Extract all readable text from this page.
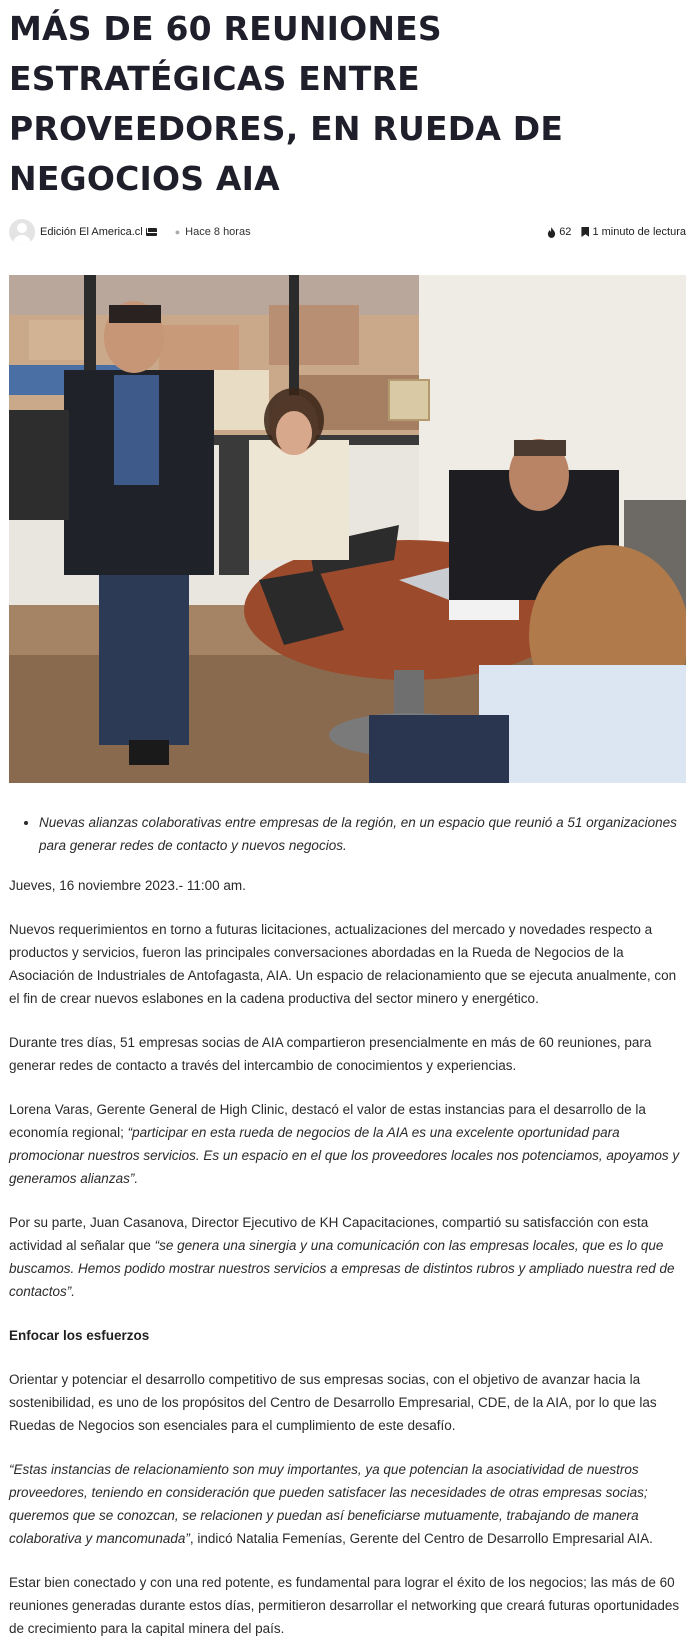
MÁS DE 60 REUNIONES ESTRATÉGICAS ENTRE PROVEEDORES, EN RUEDA DE NEGOCIOS AIA
Edición El America.cl	● Hace 8 horas	62 1 minuto de lectura
• Nuevas alianzas colaborativas entre empresas de la región, en un espacio que reunió a 51 organizaciones para generar redes de contacto y nuevos negocios.

Jueves, 16 noviembre 2023.- 11:00 am.

Nuevos requerimientos en torno a futuras licitaciones, actualizaciones del mercado y novedades respecto a productos y servicios, fueron las principales conversaciones abordadas en la Rueda de Negocios de la Asociación de Industriales de Antofagasta, AIA. Un espacio de relacionamiento que se ejecuta anualmente, con el fin de crear nuevos eslabones en la cadena productiva del sector minero y energético.

Durante tres días, 51 empresas socias de AIA compartieron presencialmente en más de 60 reuniones, para generar redes de contacto a través del intercambio de conocimientos y experiencias.

Lorena Varas, Gerente General de High Clinic, destacó el valor de estas instancias para el desarrollo de la economía regional; “participar en esta rueda de negocios de la AIA es una excelente oportunidad para promocionar nuestros servicios. Es un espacio en el que los proveedores locales nos potenciamos, apoyamos y generamos alianzas”.

Por su parte, Juan Casanova, Director Ejecutivo de KH Capacitaciones, compartió su satisfacción con esta actividad al señalar que “se genera una sinergia y una comunicación con las empresas locales, que es lo que buscamos. Hemos podido mostrar nuestros servicios a empresas de distintos rubros y ampliado nuestra red de contactos”.

Enfocar los esfuerzos

Orientar y potenciar el desarrollo competitivo de sus empresas socias, con el objetivo de avanzar hacia la sostenibilidad, es uno de los propósitos del Centro de Desarrollo Empresarial, CDE, de la AIA, por lo que las Ruedas de Negocios son esenciales para el cumplimiento de este desafío.

“Estas instancias de relacionamiento son muy importantes, ya que potencian la asociatividad de nuestros proveedores, teniendo en consideración que pueden satisfacer las necesidades de otras empresas socias; queremos que se conozcan, se relacionen y puedan así beneficiarse mutuamente, trabajando de manera colaborativa y mancomunada”, indicó Natalia Femenías, Gerente del Centro de Desarrollo Empresarial AIA.

Estar bien conectado y con una red potente, es fundamental para lograr el éxito de los negocios; las más de 60 reuniones generadas durante estos días, permitieron desarrollar el networking que creará futuras oportunidades de crecimiento para la capital minera del país.
